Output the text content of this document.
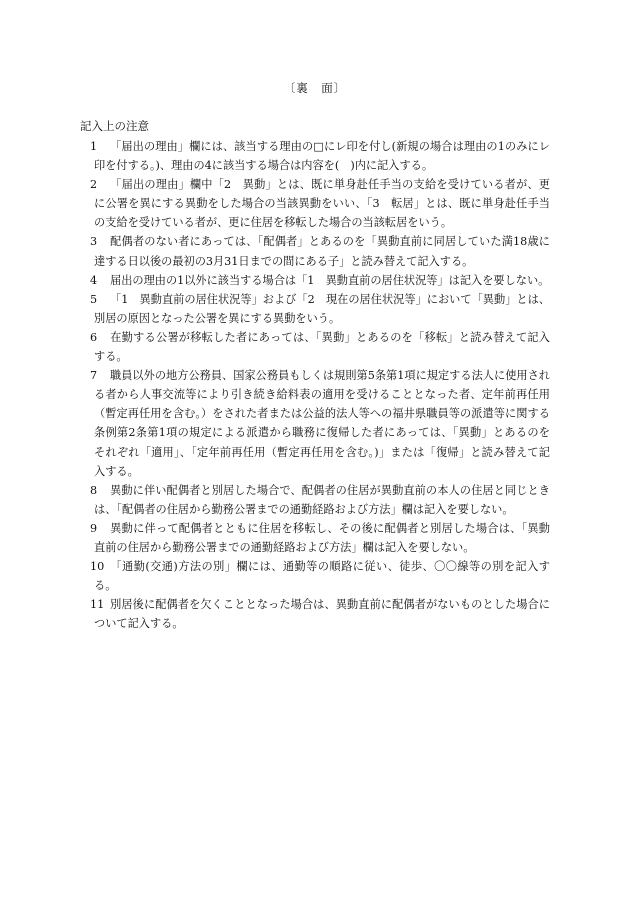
〔裏　面〕
記入上の注意
1 「届出の理由」欄には、該当する理由の□にレ印を付し(新規の場合は理由の1のみにレ印を付する。)、理由の4に該当する場合は内容を(　)内に記入する。
2 「届出の理由」欄中「2　異動」とは、既に単身赴任手当の支給を受けている者が、更に公署を異にする異動をした場合の当該異動をいい、「3　転居」とは、既に単身赴任手当の支給を受けている者が、更に住居を移転した場合の当該転居をいう。
3 配偶者のない者にあっては、「配偶者」とあるのを「異動直前に同居していた満18歳に達する日以後の最初の3月31日までの間にある子」と読み替えて記入する。
4 届出の理由の1以外に該当する場合は「1　異動直前の居住状況等」は記入を要しない。
5 「1　異動直前の居住状況等」および「2　現在の居住状況等」において「異動」とは、別居の原因となった公署を異にする異動をいう。
6 在勤する公署が移転した者にあっては、「異動」とあるのを「移転」と読み替えて記入する。
7 職員以外の地方公務員、国家公務員もしくは規則第5条第1項に規定する法人に使用される者から人事交流等により引き続き給料表の適用を受けることとなった者、定年前再任用（暫定再任用を含む。）をされた者または公益的法人等への福井県職員等の派遣等に関する条例第2条第1項の規定による派遣から職務に復帰した者にあっては、「異動」とあるのをそれぞれ「適用」、「定年前再任用（暫定再任用を含む。)」または「復帰」と読み替えて記入する。
8 異動に伴い配偶者と別居した場合で、配偶者の住居が異動直前の本人の住居と同じときは、「配偶者の住居から勤務公署までの通勤経路および方法」欄は記入を要しない。
9 異動に伴って配偶者とともに住居を移転し、その後に配偶者と別居した場合は、「異動直前の住居から勤務公署までの通勤経路および方法」欄は記入を要しない。
10 「通勤(交通)方法の別」欄には、通勤等の順路に従い、徒歩、〇〇線等の別を記入する。
11 別居後に配偶者を欠くこととなった場合は、異動直前に配偶者がないものとした場合について記入する。
